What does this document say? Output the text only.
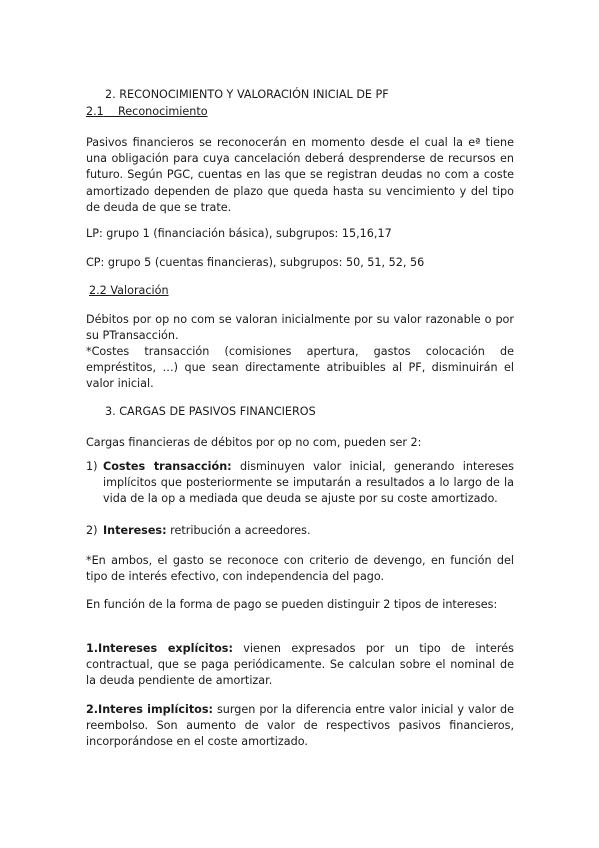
2. RECONOCIMIENTO Y VALORACIÓN INICIAL DE PF
2.1 Reconocimiento
Pasivos financieros se reconocerán en momento desde el cual la eª tiene una obligación para cuya cancelación deberá desprenderse de recursos en futuro. Según PGC, cuentas en las que se registran deudas no com a coste amortizado dependen de plazo que queda hasta su vencimiento y del tipo de deuda de que se trate.
LP: grupo 1 (financiación básica), subgrupos: 15,16,17
CP: grupo 5 (cuentas financieras), subgrupos: 50, 51, 52, 56
2.2 Valoración
Débitos por op no com se valoran inicialmente por su valor razonable o por su PTransacción.
*Costes transacción (comisiones apertura, gastos colocación de empréstitos, …) que sean directamente atribuibles al PF, disminuirán el valor inicial.
3. CARGAS DE PASIVOS FINANCIEROS
Cargas financieras de débitos por op no com, pueden ser 2:
1) Costes transacción: disminuyen valor inicial, generando intereses implícitos que posteriormente se imputarán a resultados a lo largo de la vida de la op a mediada que deuda se ajuste por su coste amortizado.
2) Intereses: retribución a acreedores.
*En ambos, el gasto se reconoce con criterio de devengo, en función del tipo de interés efectivo, con independencia del pago.
En función de la forma de pago se pueden distinguir 2 tipos de intereses:
1.Intereses explícitos: vienen expresados por un tipo de interés contractual, que se paga periódicamente. Se calculan sobre el nominal de la deuda pendiente de amortizar.
2.Interes implícitos: surgen por la diferencia entre valor inicial y valor de reembolso. Son aumento de valor de respectivos pasivos financieros, incorporándose en el coste amortizado.
